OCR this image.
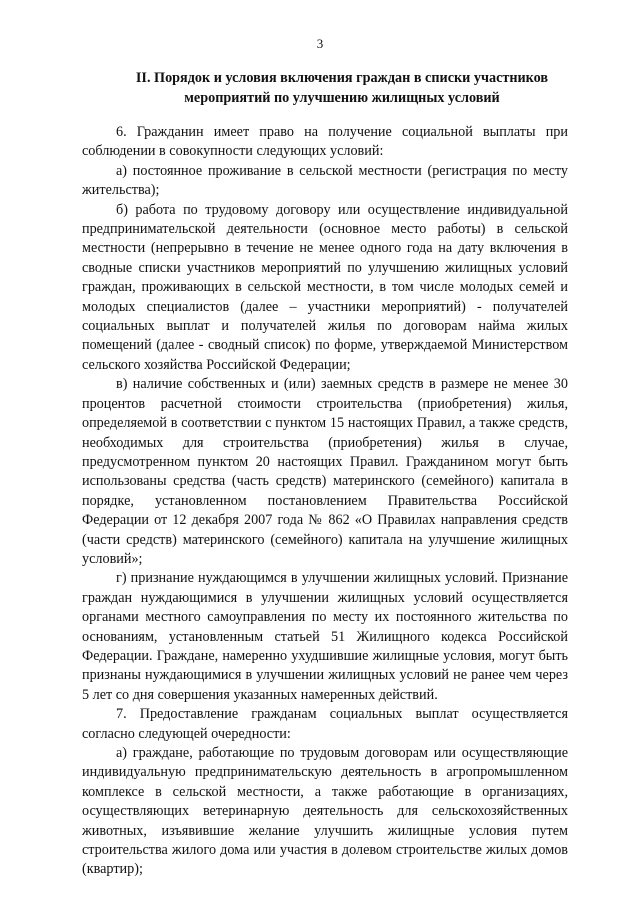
3
II. Порядок и условия включения граждан в списки участников
мероприятий по улучшению жилищных условий

6. Гражданин имеет право на получение социальной выплаты при соблюдении в совокупности следующих условий:

а) постоянное проживание в сельской местности (регистрация по месту жительства);

б) работа по трудовому договору или осуществление индивидуальной предпринимательской деятельности (основное место работы) в сельской местности (непрерывно в течение не менее одного года на дату включения в сводные списки участников мероприятий по улучшению жилищных условий граждан, проживающих в сельской местности, в том числе молодых семей и молодых специалистов (далее – участники мероприятий) - получателей социальных выплат и получателей жилья по договорам найма жилых помещений (далее - сводный список) по форме, утверждаемой Министерством сельского хозяйства Российской Федерации;

в) наличие собственных и (или) заемных средств в размере не менее 30 процентов расчетной стоимости строительства (приобретения) жилья, определяемой в соответствии с пунктом 15 настоящих Правил, а также средств, необходимых для строительства (приобретения) жилья в случае, предусмотренном пунктом 20 настоящих Правил. Гражданином могут быть использованы средства (часть средств) материнского (семейного) капитала в порядке, установленном постановлением Правительства Российской Федерации от 12 декабря 2007 года № 862 «О Правилах направления средств (части средств) материнского (семейного) капитала на улучшение жилищных условий»;

г) признание нуждающимся в улучшении жилищных условий. Признание граждан нуждающимися в улучшении жилищных условий осуществляется органами местного самоуправления по месту их постоянного жительства по основаниям, установленным статьей 51 Жилищного кодекса Российской Федерации. Граждане, намеренно ухудшившие жилищные условия, могут быть признаны нуждающимися в улучшении жилищных условий не ранее чем через 5 лет со дня совершения указанных намеренных действий.

7. Предоставление гражданам социальных выплат осуществляется согласно следующей очередности:

а) граждане, работающие по трудовым договорам или осуществляющие индивидуальную предпринимательскую деятельность в агропромышленном комплексе в сельской местности, а также работающие в организациях, осуществляющих ветеринарную деятельность для сельскохозяйственных животных, изъявившие желание улучшить жилищные условия путем строительства жилого дома или участия в долевом строительстве жилых домов (квартир);
